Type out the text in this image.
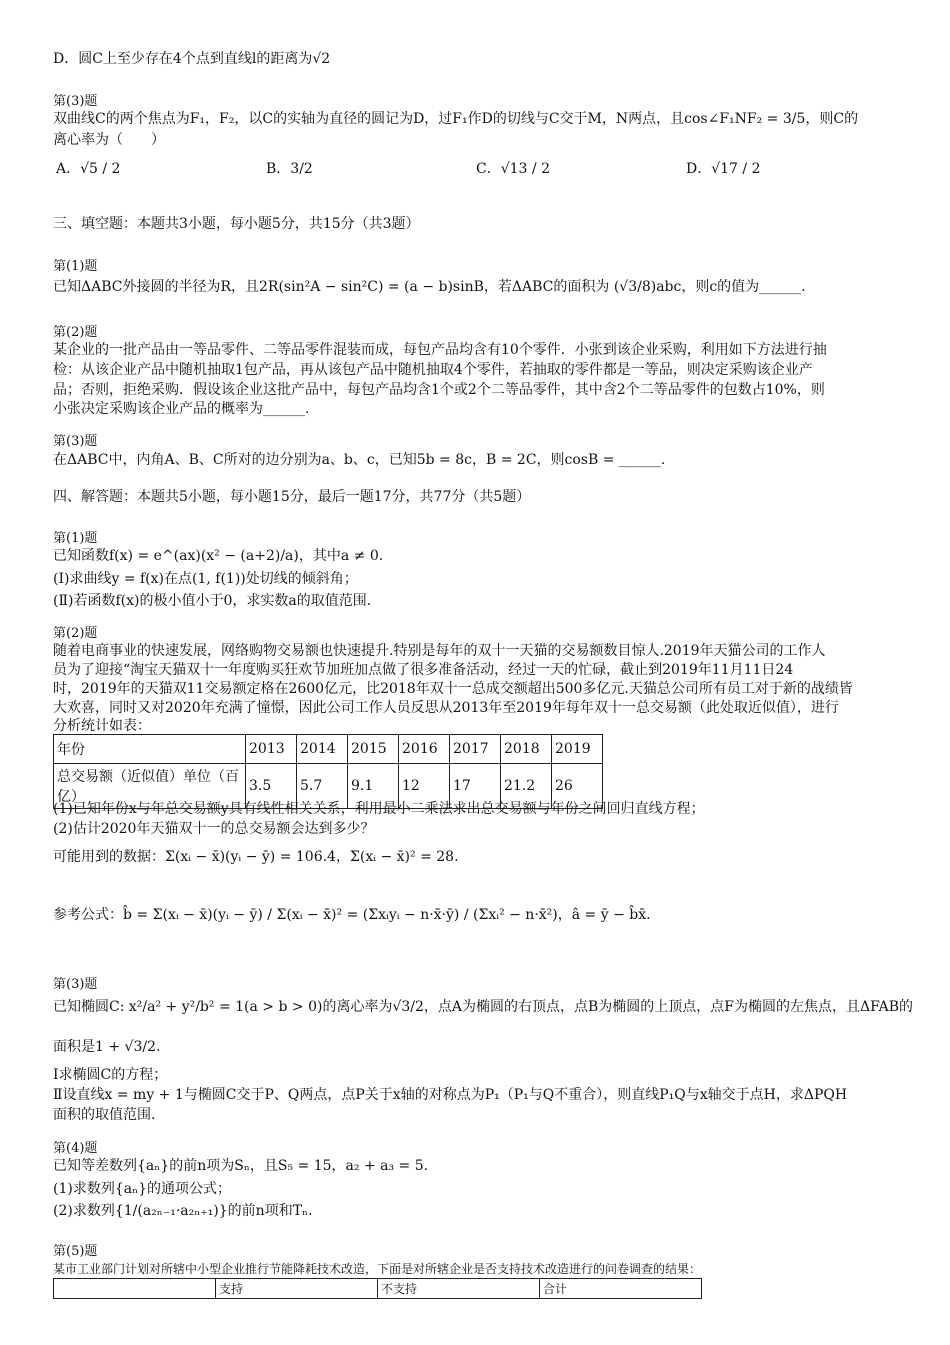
D．圆C上至少存在4个点到直线l的距离为√2
第(3)题
双曲线C的两个焦点为F₁，F₂，以C的实轴为直径的圆记为D，过F₁作D的切线与C交于M，N两点，且cos∠F₁NF₂ = 3/5，则C的
离心率为（　　）
A．√5 / 2	B．3/2	C．√13 / 2	D．√17 / 2
三、填空题：本题共3小题，每小题5分，共15分（共3题）
第(1)题
已知ΔABC外接圆的半径为R，且2R(sin²A − sin²C) = (a − b)sinB，若ΔABC的面积为 (√3/8)abc，则c的值为______.
第(2)题
某企业的一批产品由一等品零件、二等品零件混装而成，每包产品均含有10个零件．小张到该企业采购，利用如下方法进行抽
检：从该企业产品中随机抽取1包产品，再从该包产品中随机抽取4个零件，若抽取的零件都是一等品，则决定采购该企业产
品；否则，拒绝采购．假设该企业这批产品中，每包产品均含1个或2个二等品零件，其中含2个二等品零件的包数占10%，则
小张决定采购该企业产品的概率为______.
第(3)题
在ΔABC中，内角A、B、C所对的边分别为a、b、c，已知5b = 8c，B = 2C，则cosB = ______.
四、解答题：本题共5小题，每小题15分，最后一题17分，共77分（共5题）
第(1)题
已知函数f(x) = e^(ax)(x² − (a+2)/a)，其中a ≠ 0.
(Ⅰ)求曲线y = f(x)在点(1, f(1))处切线的倾斜角；
(Ⅱ)若函数f(x)的极小值小于0，求实数a的取值范围.
第(2)题
随着电商事业的快速发展，网络购物交易额也快速提升.特别是每年的双十一天猫的交易额数目惊人.2019年天猫公司的工作人
员为了迎接“淘宝天猫双十一年度购买狂欢节加班加点做了很多准备活动，经过一天的忙碌，截止到2019年11月11日24
时，2019年的天猫双11交易额定格在2600亿元，比2018年双十一总成交额超出500多亿元.天猫总公司所有员工对于新的战绩皆
大欢喜，同时又对2020年充满了憧憬，因此公司工作人员反思从2013年至2019年每年双十一总交易额（此处取近似值），进行
分析统计如表：
年份	2013	2014	2015	2016	2017	2018	2019
总交易额（近似值）单位（百亿）	3.5	5.7	9.1	12	17	21.2	26
(1)已知年份x与年总交易额y具有线性相关关系，利用最小二乘法求出总交易额与年份之间回归直线方程；
(2)估计2020年天猫双十一的总交易额会达到多少？
可能用到的数据：Σ(xᵢ − x̄)(yᵢ − ȳ) = 106.4，Σ(xᵢ − x̄)² = 28.
参考公式：b̂ = Σ(xᵢ − x̄)(yᵢ − ȳ) / Σ(xᵢ − x̄)² = (Σxᵢyᵢ − n·x̄·ȳ) / (Σxᵢ² − n·x̄²)，â = ȳ − b̂x̄.
第(3)题
已知椭圆C: x²/a² + y²/b² = 1(a > b > 0)的离心率为√3/2，点A为椭圆的右顶点，点B为椭圆的上顶点，点F为椭圆的左焦点，且ΔFAB的
面积是1 + √3/2.
Ⅰ求椭圆C的方程；
Ⅱ设直线x = my + 1与椭圆C交于P、Q两点，点P关于x轴的对称点为P₁（P₁与Q不重合），则直线P₁Q与x轴交于点H，求ΔPQH
面积的取值范围.
第(4)题
已知等差数列{aₙ}的前n项为Sₙ，且S₅ = 15，a₂ + a₃ = 5.
(1)求数列{aₙ}的通项公式；
(2)求数列{1/(a₂ₙ₋₁·a₂ₙ₊₁)}的前n项和Tₙ.
第(5)题
某市工业部门计划对所辖中小型企业推行节能降耗技术改造，下面是对所辖企业是否支持技术改造进行的问卷调查的结果：
	支持	不支持	合计
